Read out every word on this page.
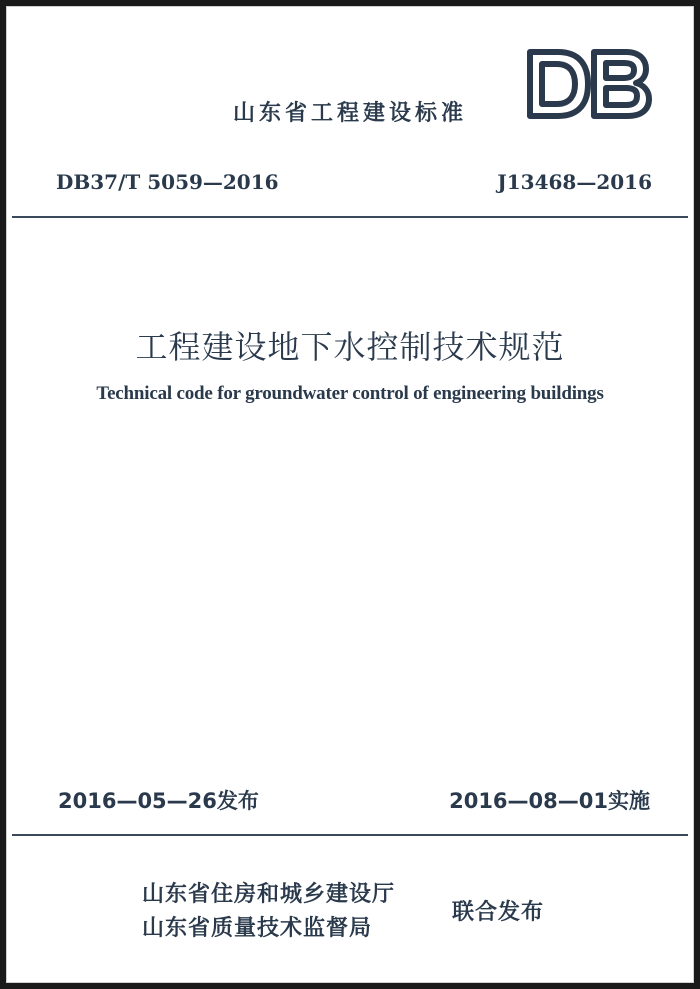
山东省工程建设标准
DB37/T 5059—2016	J13468—2016
工程建设地下水控制技术规范
Technical code for groundwater control of engineering buildings
2016—05—26发布	2016—08—01实施
山东省住房和城乡建设厅
山东省质量技术监督局
联合发布
